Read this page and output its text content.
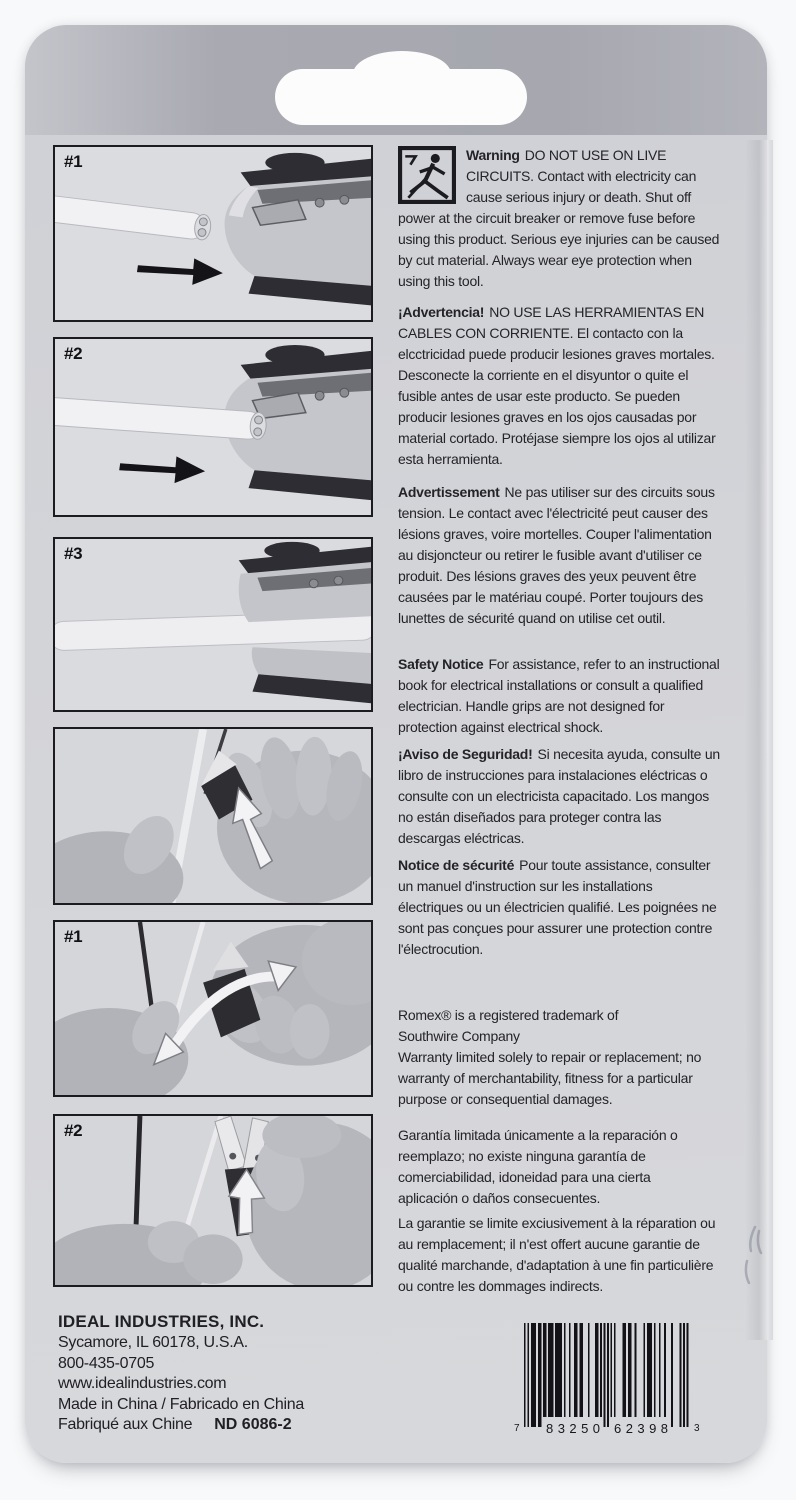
#1
#2
#3
#1
#2

Warning DO NOT USE ON LIVE CIRCUITS. Contact with electricity can cause serious injury or death. Shut off power at the circuit breaker or remove fuse before using this product. Serious eye injuries can be caused by cut material. Always wear eye protection when using this tool.

¡Advertencia! NO USE LAS HERRAMIENTAS EN CABLES CON CORRIENTE. El contacto con la elcctricidad puede producir lesiones graves mortales. Desconecte la corriente en el disyuntor o quite el fusible antes de usar este producto. Se pueden producir lesiones graves en los ojos causadas por material cortado. Protéjase siempre los ojos al utilizar esta herramienta.

Advertissement Ne pas utiliser sur des circuits sous tension. Le contact avec l'électricité peut causer des lésions graves, voire mortelles. Couper l'alimentation au disjoncteur ou retirer le fusible avant d'utiliser ce produit. Des lésions graves des yeux peuvent être causées par le matériau coupé. Porter toujours des lunettes de sécurité quand on utilise cet outil.

Safety Notice For assistance, refer to an instructional book for electrical installations or consult a qualified electrician. Handle grips are not designed for protection against electrical shock.

¡Aviso de Seguridad! Si necesita ayuda, consulte un libro de instrucciones para instalaciones eléctricas o consulte con un electricista capacitado. Los mangos no están diseñados para proteger contra las descargas eléctricas.

Notice de sécurité Pour toute assistance, consulter un manuel d'instruction sur les installations électriques ou un électricien qualifié. Les poignées ne sont pas conçues pour assurer une protection contre l'électrocution.

Romex® is a registered trademark of Southwire Company

Warranty limited solely to repair or replacement; no warranty of merchantability, fitness for a particular purpose or consequential damages.

Garantía limitada únicamente a la reparación o reemplazo; no existe ninguna garantía de comerciabilidad, idoneidad para una cierta aplicación o daños consecuentes.

La garantie se limite exciusivement à la réparation ou au remplacement; il n'est offert aucune garantie de qualité marchande, d'adaptation à une fin particulière ou contre les dommages indirects.

IDEAL INDUSTRIES, INC.
Sycamore, IL 60178, U.S.A.
800-435-0705
www.idealindustries.com
Made in China / Fabricado en China
Fabriqué aux Chine ND 6086-2	7 83250 62398	3
